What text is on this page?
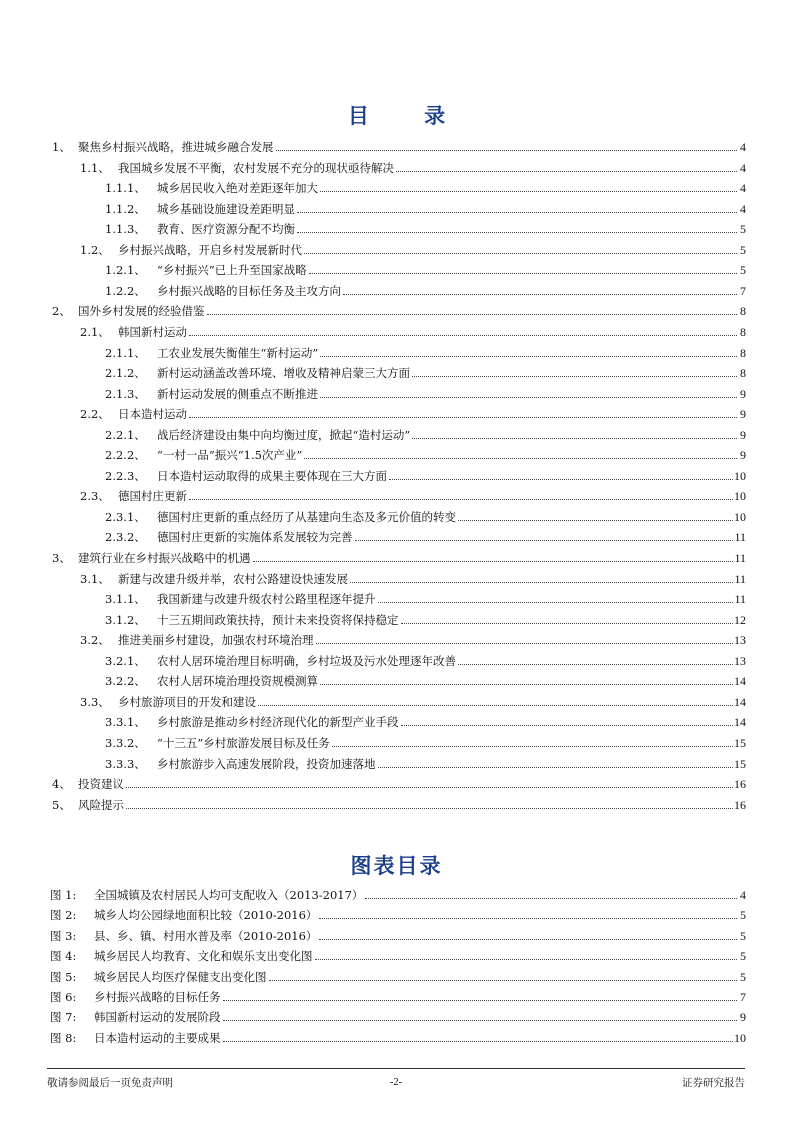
目 录
1、 聚焦乡村振兴战略，推进城乡融合发展	4
1.1、 我国城乡发展不平衡，农村发展不充分的现状亟待解决	4
1.1.1、 城乡居民收入绝对差距逐年加大	4
1.1.2、 城乡基础设施建设差距明显	4
1.1.3、 教育、医疗资源分配不均衡	5
1.2、 乡村振兴战略，开启乡村发展新时代	5
1.2.1、 “乡村振兴”已上升至国家战略	5
1.2.2、 乡村振兴战略的目标任务及主攻方向	7
2、 国外乡村发展的经验借鉴	8
2.1、 韩国新村运动	8
2.1.1、 工农业发展失衡催生“新村运动”	8
2.1.2、 新村运动涵盖改善环境、增收及精神启蒙三大方面	8
2.1.3、 新村运动发展的侧重点不断推进	9
2.2、 日本造村运动	9
2.2.1、 战后经济建设由集中向均衡过度，掀起“造村运动”	9
2.2.2、 “一村一品”振兴“1.5次产业”	9
2.2.3、 日本造村运动取得的成果主要体现在三大方面	10
2.3、 德国村庄更新	10
2.3.1、 德国村庄更新的重点经历了从基建向生态及多元价值的转变	10
2.3.2、 德国村庄更新的实施体系发展较为完善	11
3、 建筑行业在乡村振兴战略中的机遇	11
3.1、 新建与改建升级并举，农村公路建设快速发展	11
3.1.1、 我国新建与改建升级农村公路里程逐年提升	11
3.1.2、 十三五期间政策扶持，预计未来投资将保持稳定	12
3.2、 推进美丽乡村建设，加强农村环境治理	13
3.2.1、 农村人居环境治理目标明确，乡村垃圾及污水处理逐年改善	13
3.2.2、 农村人居环境治理投资规模测算	14
3.3、 乡村旅游项目的开发和建设	14
3.3.1、 乡村旅游是推动乡村经济现代化的新型产业手段	14
3.3.2、 “十三五”乡村旅游发展目标及任务	15
3.3.3、 乡村旅游步入高速发展阶段，投资加速落地	15
4、 投资建议	16
5、 风险提示	16
图表目录
图 1:	全国城镇及农村居民人均可支配收入（2013-2017）	4
图 2:	城乡人均公园绿地面积比较（2010-2016）	5
图 3:	县、乡、镇、村用水普及率（2010-2016）	5
图 4:	城乡居民人均教育、文化和娱乐支出变化图	5
图 5:	城乡居民人均医疗保健支出变化图	5
图 6:	乡村振兴战略的目标任务	7
图 7:	韩国新村运动的发展阶段	9
图 8:	日本造村运动的主要成果	10
敬请参阅最后一页免责声明	-2-	证券研究报告
